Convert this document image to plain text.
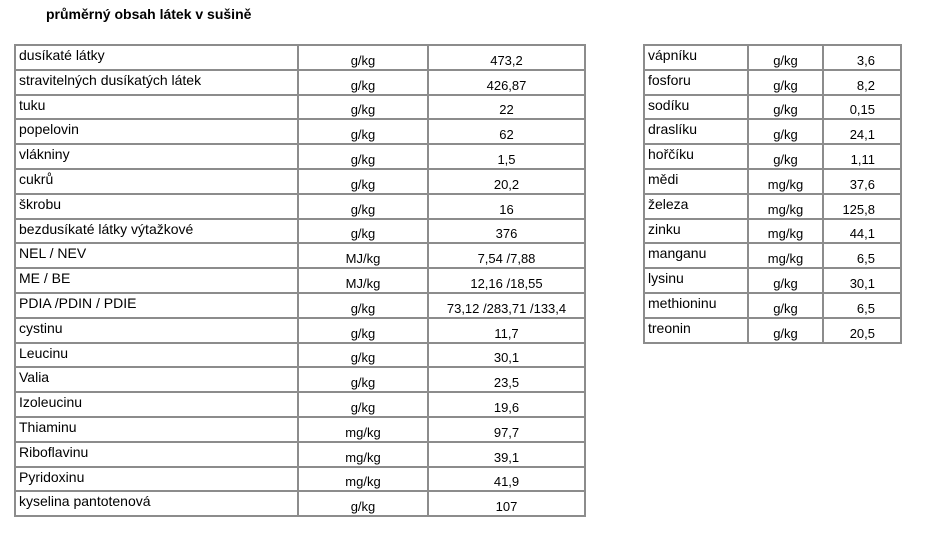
průměrný obsah látek v sušině
dusíkaté látky	g/kg	473,2
stravitelných dusíkatých látek	g/kg	426,87
tuku	g/kg	22
popelovin	g/kg	62
vlákniny	g/kg	1,5
cukrů	g/kg	20,2
škrobu	g/kg	16
bezdusíkaté látky výtažkové	g/kg	376
NEL / NEV	MJ/kg	7,54 /7,88
ME / BE	MJ/kg	12,16 /18,55
PDIA /PDIN / PDIE	g/kg	73,12 /283,71 /133,4
cystinu	g/kg	11,7
Leucinu	g/kg	30,1
Valia	g/kg	23,5
Izoleucinu	g/kg	19,6
Thiaminu	mg/kg	97,7
Riboflavinu	mg/kg	39,1
Pyridoxinu	mg/kg	41,9
kyselina pantotenová	g/kg	107
vápníku	g/kg	3,6
fosforu	g/kg	8,2
sodíku	g/kg	0,15
draslíku	g/kg	24,1
hořčíku	g/kg	1,11
mědi	mg/kg	37,6
železa	mg/kg	125,8
zinku	mg/kg	44,1
manganu	mg/kg	6,5
lysinu	g/kg	30,1
methioninu	g/kg	6,5
treonin	g/kg	20,5
